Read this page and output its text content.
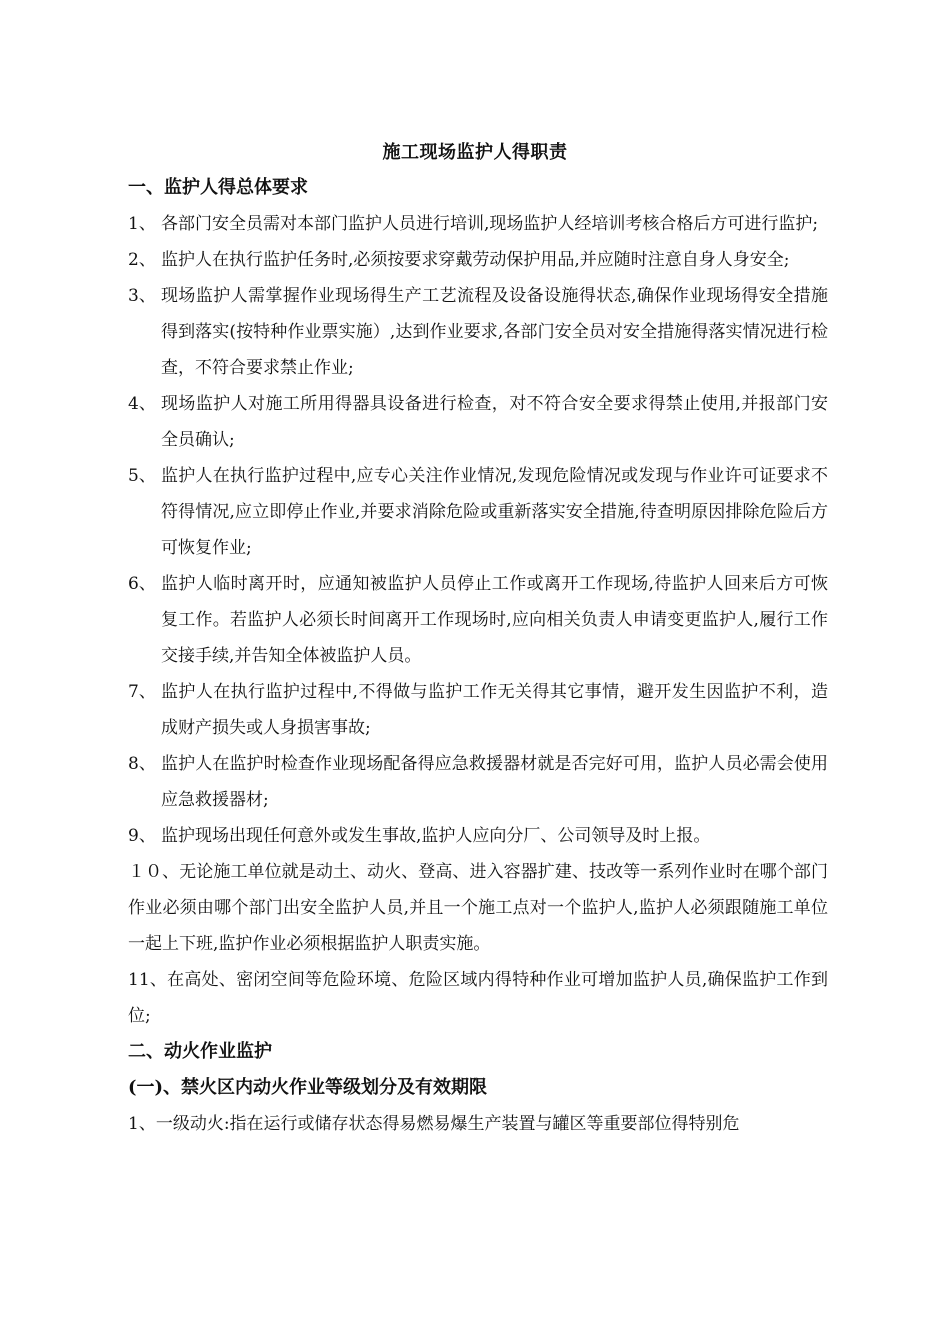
施工现场监护人得职责
一、监护人得总体要求
1、 各部门安全员需对本部门监护人员进行培训,现场监护人经培训考核合格后方可进行监护;
2、 监护人在执行监护任务时,必须按要求穿戴劳动保护用品,并应随时注意自身人身安全;
3、 现场监护人需掌握作业现场得生产工艺流程及设备设施得状态,确保作业现场得安全措施得到落实(按特种作业票实施）,达到作业要求,各部门安全员对安全措施得落实情况进行检查，不符合要求禁止作业;
4、 现场监护人对施工所用得器具设备进行检查，对不符合安全要求得禁止使用,并报部门安全员确认;
5、 监护人在执行监护过程中,应专心关注作业情况,发现危险情况或发现与作业许可证要求不符得情况,应立即停止作业,并要求消除危险或重新落实安全措施,待查明原因排除危险后方可恢复作业;
6、 监护人临时离开时，应通知被监护人员停止工作或离开工作现场,待监护人回来后方可恢复工作。若监护人必须长时间离开工作现场时,应向相关负责人申请变更监护人,履行工作交接手续,并告知全体被监护人员。
7、 监护人在执行监护过程中,不得做与监护工作无关得其它事情，避开发生因监护不利，造成财产损失或人身损害事故;
8、 监护人在监护时检查作业现场配备得应急救援器材就是否完好可用，监护人员必需会使用应急救援器材;
9、 监护现场出现任何意外或发生事故,监护人应向分厂、公司领导及时上报。
１０、无论施工单位就是动土、动火、登高、进入容器扩建、技改等一系列作业时在哪个部门作业必须由哪个部门出安全监护人员,并且一个施工点对一个监护人,监护人必须跟随施工单位一起上下班,监护作业必须根据监护人职责实施。
11、在高处、密闭空间等危险环境、危险区域内得特种作业可增加监护人员,确保监护工作到位;
二、动火作业监护
(一)、禁火区内动火作业等级划分及有效期限
1、一级动火:指在运行或储存状态得易燃易爆生产装置与罐区等重要部位得特别危
